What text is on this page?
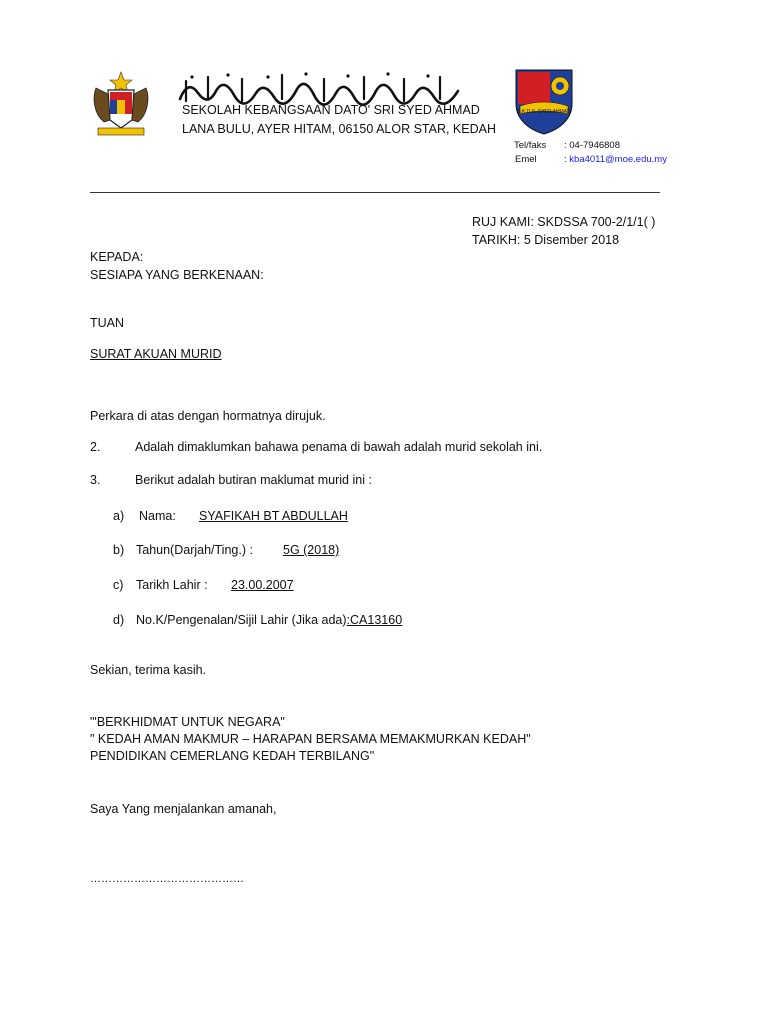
S.K.D.S. SYED AHMAD
SEKOLAH KEBANGSAAN DATO' SRI SYED AHMAD
LANA BULU, AYER HITAM, 06150 ALOR STAR, KEDAH
Tel/faks : 04-7946808
Emel	: kba4011@moe.edu.my
RUJ KAMI: SKDSSA 700-2/1/1( )
TARIKH: 5 Disember 2018
KEPADA:
SESIAPA YANG BERKENAAN:
TUAN
SURAT AKUAN MURID
Perkara di atas dengan hormatnya dirujuk.
2.	Adalah dimaklumkan bahawa penama di bawah adalah murid sekolah ini.
3.	Berikut adalah butiran maklumat murid ini :
a) Nama: SYAFIKAH BT ABDULLAH
b) Tahun(Darjah/Ting.) : 5G (2018)
c) Tarikh Lahir : 23.00.2007
d) No.K/Pengenalan/Sijil Lahir (Jika ada):CA13160
Sekian, terima kasih.
"'BERKHIDMAT UNTUK NEGARA"
" KEDAH AMAN MAKMUR – HARAPAN BERSAMA MEMAKMURKAN KEDAH"
PENDIDIKAN CEMERLANG KEDAH TERBILANG"
Saya Yang menjalankan amanah,
……………………………………
